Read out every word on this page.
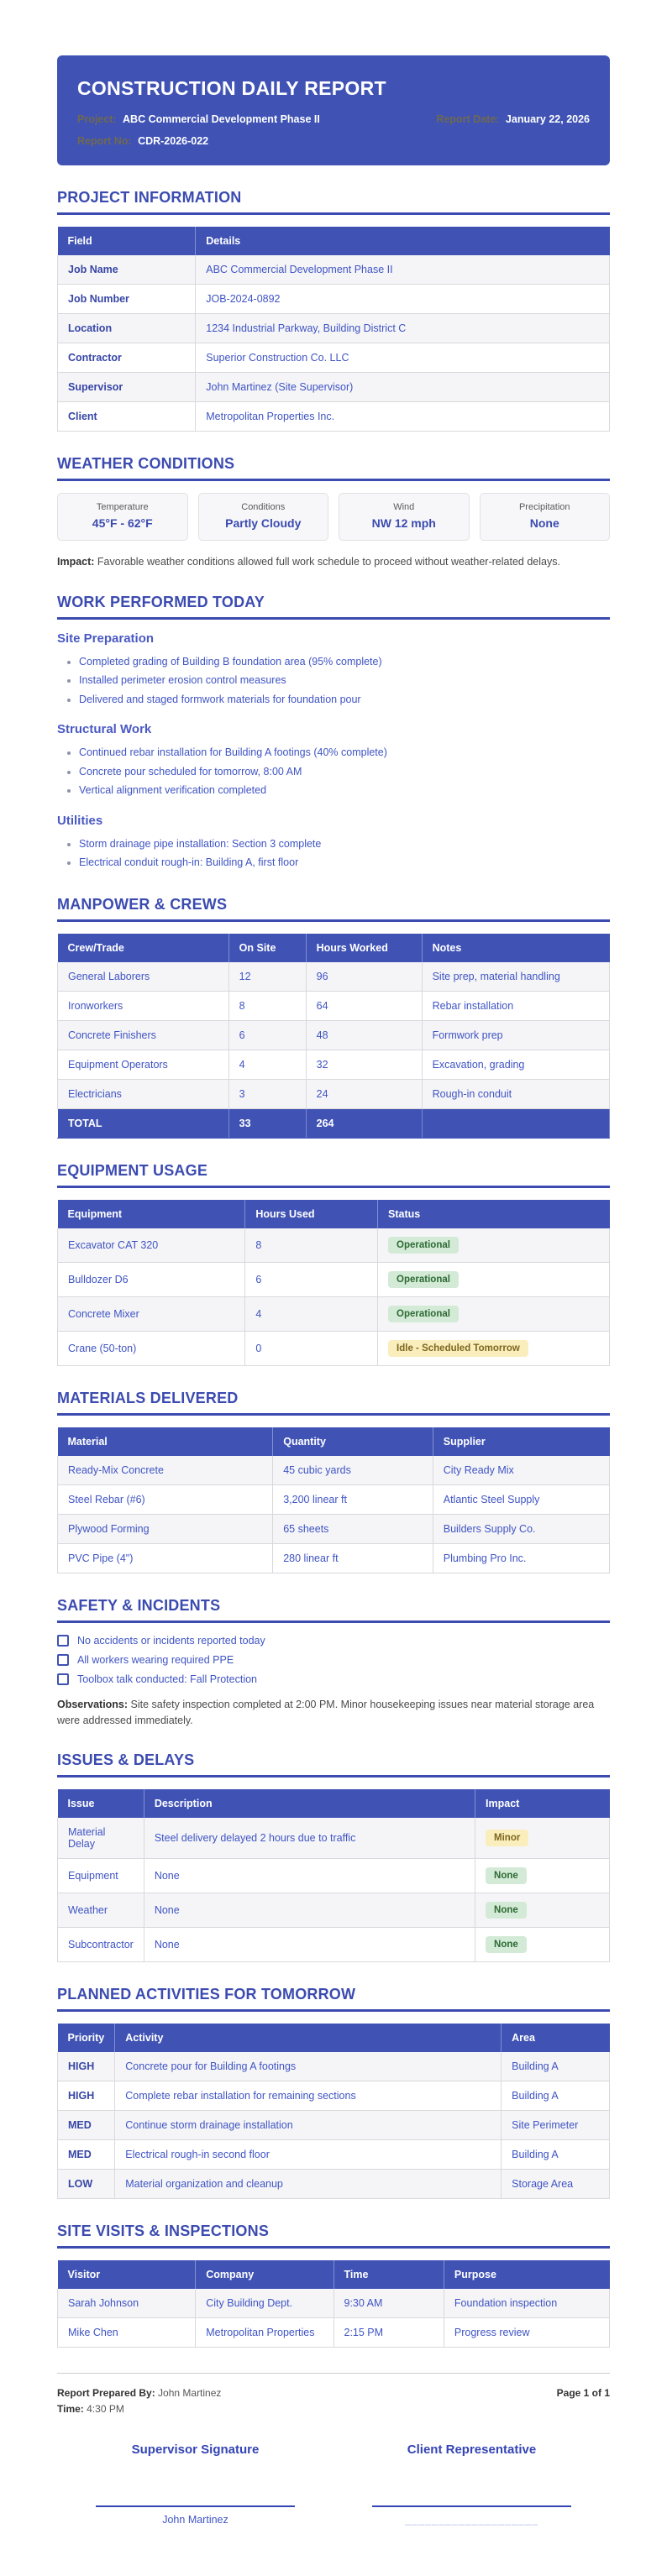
CONSTRUCTION DAILY REPORT
Project: ABC Commercial Development Phase II	Report Date: January 22, 2026
Report No: CDR-2026-022
PROJECT INFORMATION
Field	Details
Job Name	ABC Commercial Development Phase II
Job Number	JOB-2024-0892
Location	1234 Industrial Parkway, Building District C
Contractor	Superior Construction Co. LLC
Supervisor	John Martinez (Site Supervisor)
Client	Metropolitan Properties Inc.
WEATHER CONDITIONS
Temperature
45°F - 62°F
Conditions
Partly Cloudy
Wind
NW 12 mph
Precipitation
None

Impact: Favorable weather conditions allowed full work schedule to proceed without weather-related delays.

WORK PERFORMED TODAY
Site Preparation
• Completed grading of Building B foundation area (95% complete)
• Installed perimeter erosion control measures
• Delivered and staged formwork materials for foundation pour
Structural Work
• Continued rebar installation for Building A footings (40% complete)
• Concrete pour scheduled for tomorrow, 8:00 AM
• Vertical alignment verification completed
Utilities
• Storm drainage pipe installation: Section 3 complete
• Electrical conduit rough-in: Building A, first floor
MANPOWER & CREWS
Crew/Trade	On Site	Hours Worked	Notes
General Laborers	12	96	Site prep, material handling
Ironworkers	8	64	Rebar installation
Concrete Finishers	6	48	Formwork prep
Equipment Operators	4	32	Excavation, grading
Electricians	3	24	Rough-in conduit
TOTAL	33	264	
EQUIPMENT USAGE
Equipment	Hours Used	Status
Excavator CAT 320	8	Operational
Bulldozer D6	6	Operational
Concrete Mixer	4	Operational
Crane (50-ton)	0	Idle - Scheduled Tomorrow
MATERIALS DELIVERED
Material	Quantity	Supplier
Ready-Mix Concrete	45 cubic yards	City Ready Mix
Steel Rebar (#6)	3,200 linear ft	Atlantic Steel Supply
Plywood Forming	65 sheets	Builders Supply Co.
PVC Pipe (4")	280 linear ft	Plumbing Pro Inc.
SAFETY & INCIDENTS
No accidents or incidents reported today
All workers wearing required PPE
Toolbox talk conducted: Fall Protection

Observations: Site safety inspection completed at 2:00 PM. Minor housekeeping issues near material storage area were addressed immediately.

ISSUES & DELAYS
Issue	Description	Impact
Material Delay	Steel delivery delayed 2 hours due to traffic	Minor
Equipment	None	None
Weather	None	None
Subcontractor	None	None
PLANNED ACTIVITIES FOR TOMORROW
Priority	Activity	Area
HIGH	Concrete pour for Building A footings	Building A
HIGH	Complete rebar installation for remaining sections	Building A
MED	Continue storm drainage installation	Site Perimeter
MED	Electrical rough-in second floor	Building A
LOW	Material organization and cleanup	Storage Area
SITE VISITS & INSPECTIONS
Visitor	Company	Time	Purpose
Sarah Johnson	City Building Dept.	9:30 AM	Foundation inspection
Mike Chen	Metropolitan Properties	2:15 PM	Progress review
Report Prepared By: John Martinez
Time: 4:30 PM
Page 1 of 1
Supervisor Signature
John Martinez
Client Representative
____________________
